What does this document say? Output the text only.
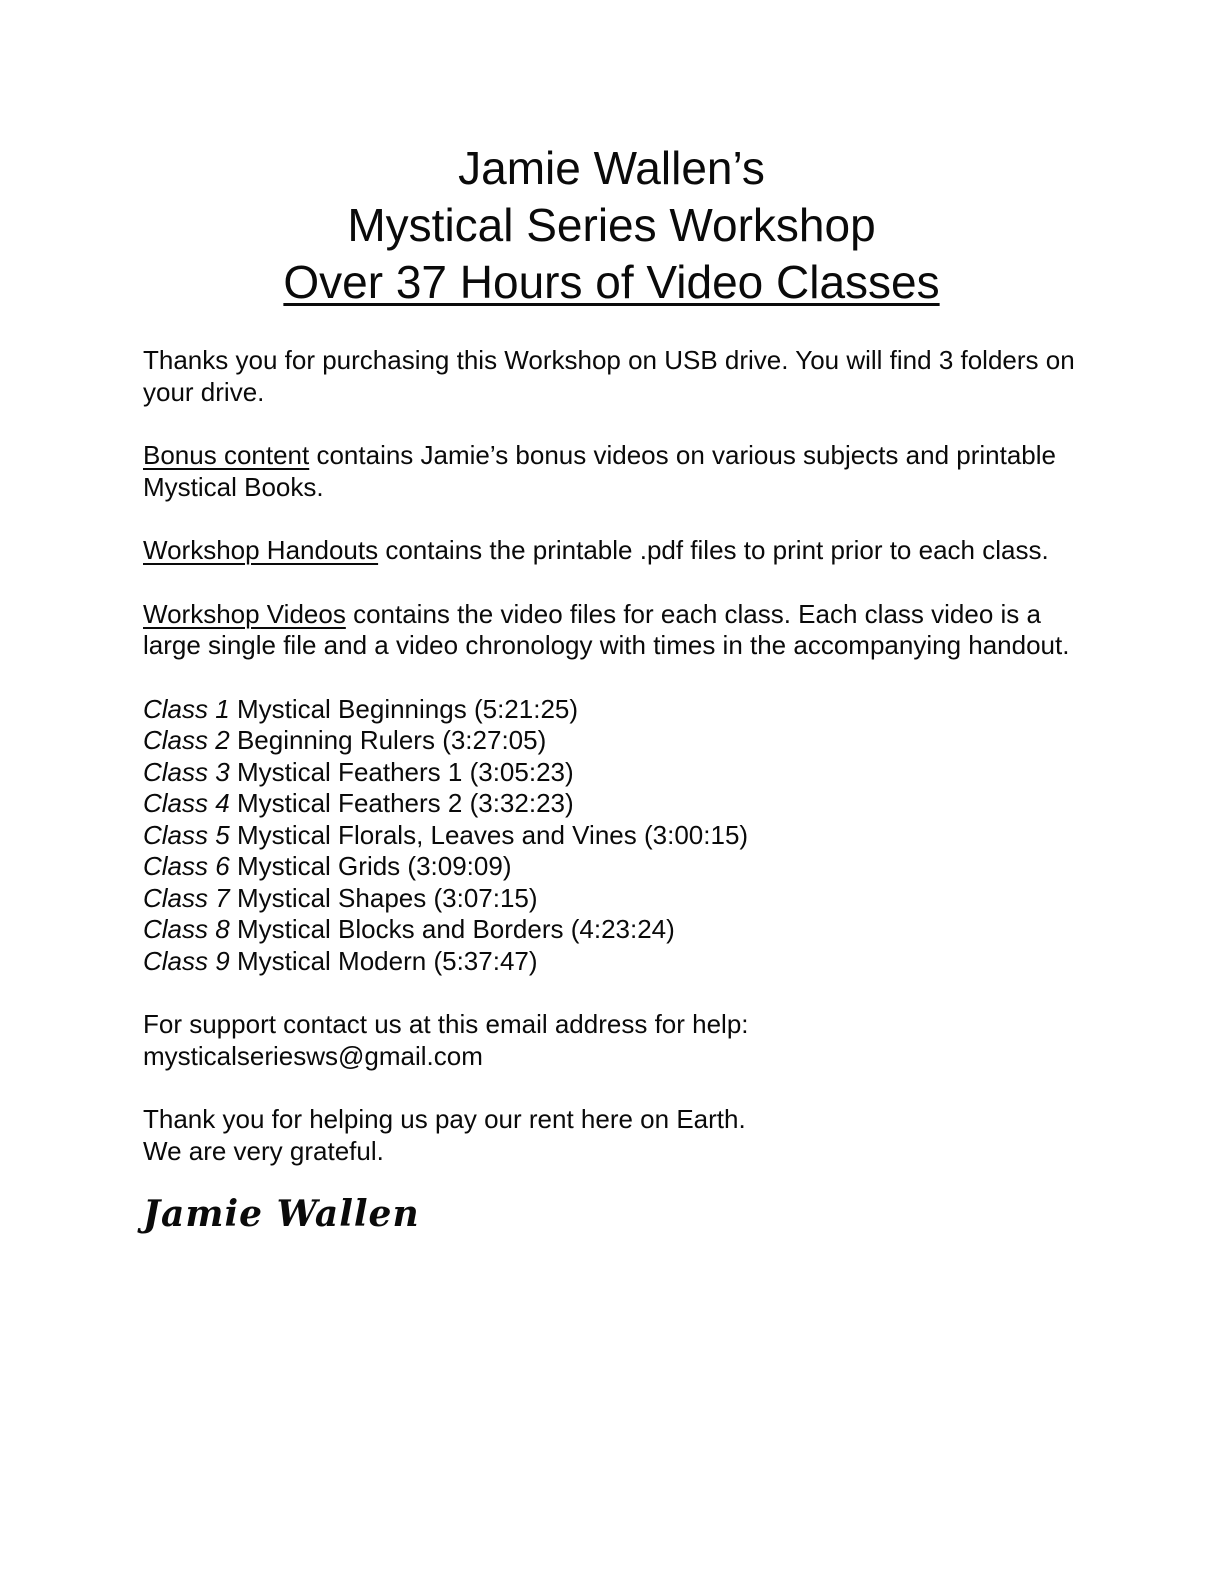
Jamie Wallen’s
Mystical Series Workshop
Over 37 Hours of Video Classes

Thanks you for purchasing this Workshop on USB drive. You will find 3 folders on your drive.

Bonus content contains Jamie’s bonus videos on various subjects and printable Mystical Books.

Workshop Handouts contains the printable .pdf files to print prior to each class.

Workshop Videos contains the video files for each class. Each class video is a large single file and a video chronology with times in the accompanying handout.

Class 1 Mystical Beginnings (5:21:25)
Class 2 Beginning Rulers (3:27:05)
Class 3 Mystical Feathers 1 (3:05:23)
Class 4 Mystical Feathers 2 (3:32:23)
Class 5 Mystical Florals, Leaves and Vines (3:00:15)
Class 6 Mystical Grids (3:09:09)
Class 7 Mystical Shapes (3:07:15)
Class 8 Mystical Blocks and Borders (4:23:24)
Class 9 Mystical Modern (5:37:47)
For support contact us at this email address for help:
mysticalseriesws@gmail.com
Thank you for helping us pay our rent here on Earth.
We are very grateful.
Jamie Wallen
